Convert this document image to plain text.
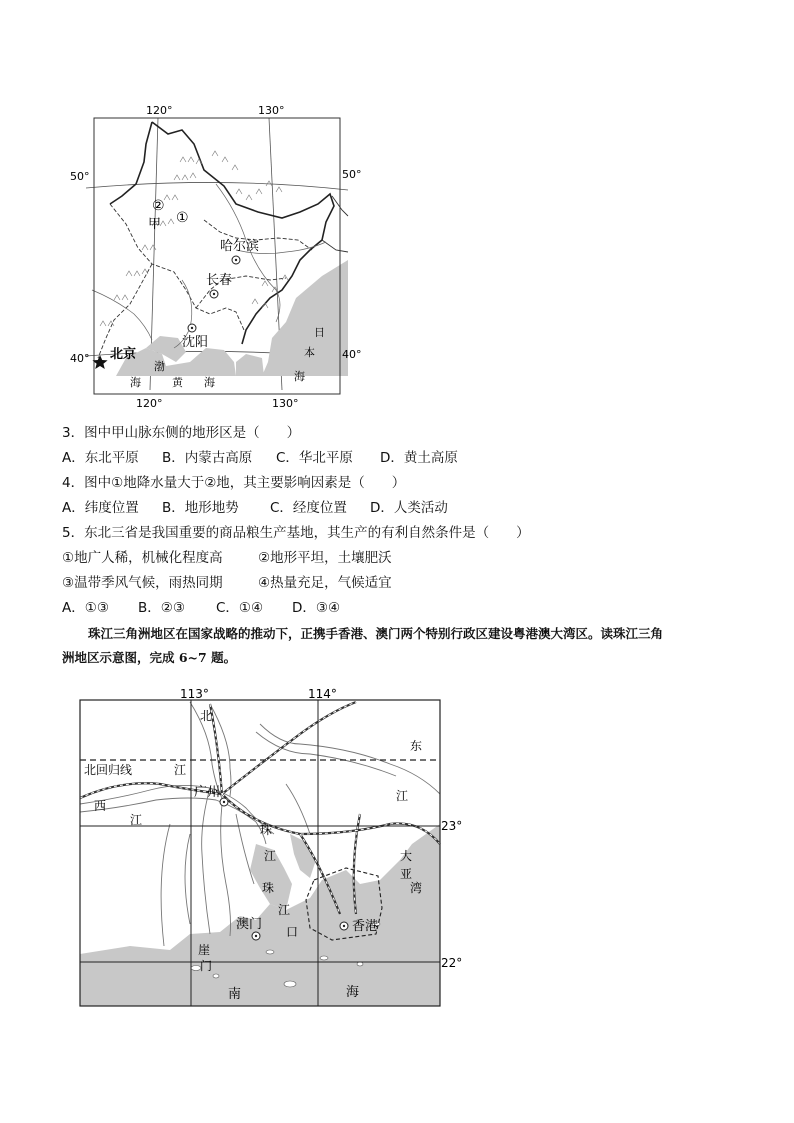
120°	130°
120°	130°
50°	50°
40°	40°
甲 ①
②
哈尔滨
长春
沈阳
北京
日
本
海
渤
黄 海
海
3．图中甲山脉东侧的地形区是（　　）
A．东北平原 B．内蒙古高原 C．华北平原 D．黄土高原
4．图中①地降水量大于②地，其主要影响因素是（　　）
A．纬度位置 B．地形地势 C．经度位置 D．人类活动
5．东北三省是我国重要的商品粮生产基地，其生产的有利自然条件是（　　）
①地广人稀，机械化程度高	②地形平坦，土壤肥沃
③温带季风气候，雨热同期	④热量充足，气候适宜
A．①③ B．②③ C．①④ D．③④
珠江三角洲地区在国家战略的推动下，正携手香港、澳门两个特别行政区建设粤港澳大湾区。读珠江三角
洲地区示意图，完成 6~7 题。
113°	114°
23°
22°
北回归线
北
江
西
江
东
江
珠
江
珠
江
口
大
亚
湾
崖
门
南	海
广州
澳门	香港
